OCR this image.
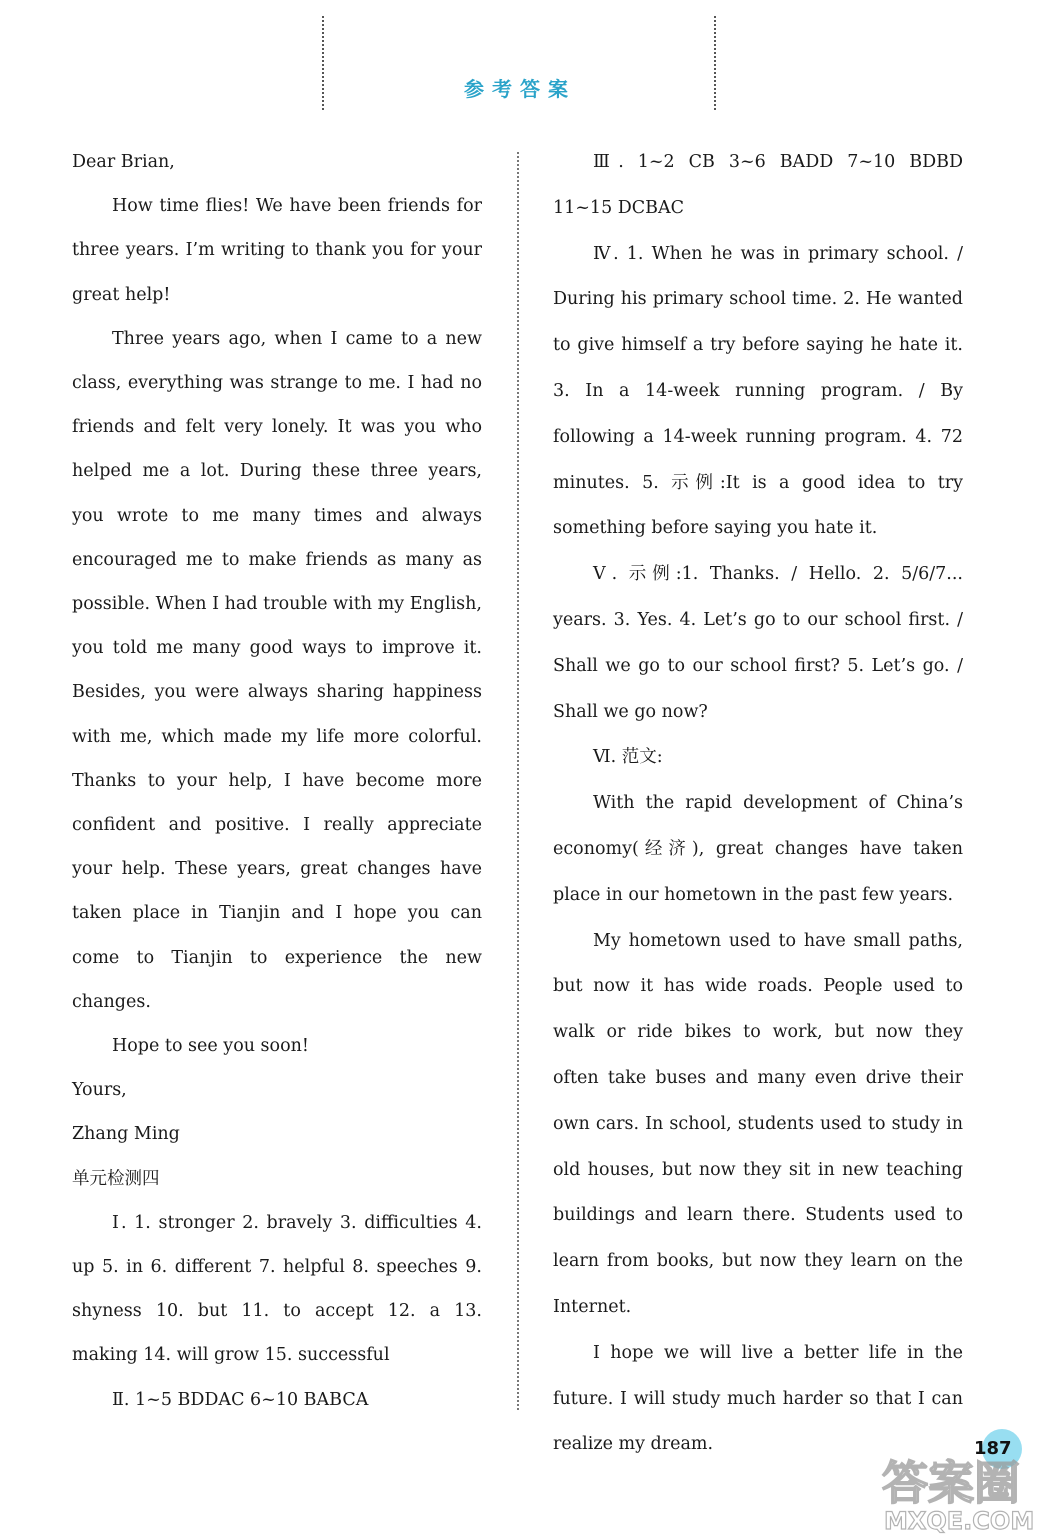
参考答案

Dear Brian,

How time flies! We have been friends for three years. I’m writing to thank you for your great help!

Three years ago, when I came to a new class, everything was strange to me. I had no friends and felt very lonely. It was you who helped me a lot. During these three years, you wrote to me many times and always encouraged me to make friends as many as possible. When I had trouble with my English, you told me many good ways to improve it. Besides, you were always sharing happiness with me, which made my life more colorful. Thanks to your help, I have become more confident and positive. I really appreciate your help. These years, great changes have taken place in Tianjin and I hope you can come to Tianjin to experience the new changes.

Hope to see you soon!

Yours,

Zhang Ming

单元检测四

Ⅰ. 1. stronger 2. bravely 3. difficulties 4. up 5. in 6. different 7. helpful 8. speeches 9. shyness 10. but 11. to accept 12. a 13. making 14. will grow 15. successful

Ⅱ. 1~5 BDDAC 6~10 BABCA

Ⅲ. 1~2 CB 3~6 BADD 7~10 BDBD 11~15 DCBAC

Ⅳ. 1. When he was in primary school. / During his primary school time. 2. He wanted to give himself a try before saying he hate it. 3. In a 14-week running program. / By following a 14-week running program. 4. 72 minutes. 5. 示例:It is a good idea to try something before saying you hate it.

Ⅴ. 示例:1. Thanks. / Hello. 2. 5/6/7... years. 3. Yes. 4. Let’s go to our school first. / Shall we go to our school first? 5. Let’s go. / Shall we go now?

Ⅵ. 范文:

With the rapid development of China’s economy(经济), great changes have taken place in our hometown in the past few years.

My hometown used to have small paths, but now it has wide roads. People used to walk or ride bikes to work, but now they often take buses and many even drive their own cars. In school, students used to study in old houses, but now they sit in new teaching buildings and learn there. Students used to learn from books, but now they learn on the Internet.

I hope we will live a better life in the future. I will study much harder so that I can realize my dream.

答案圈
MXQE.COM
187
